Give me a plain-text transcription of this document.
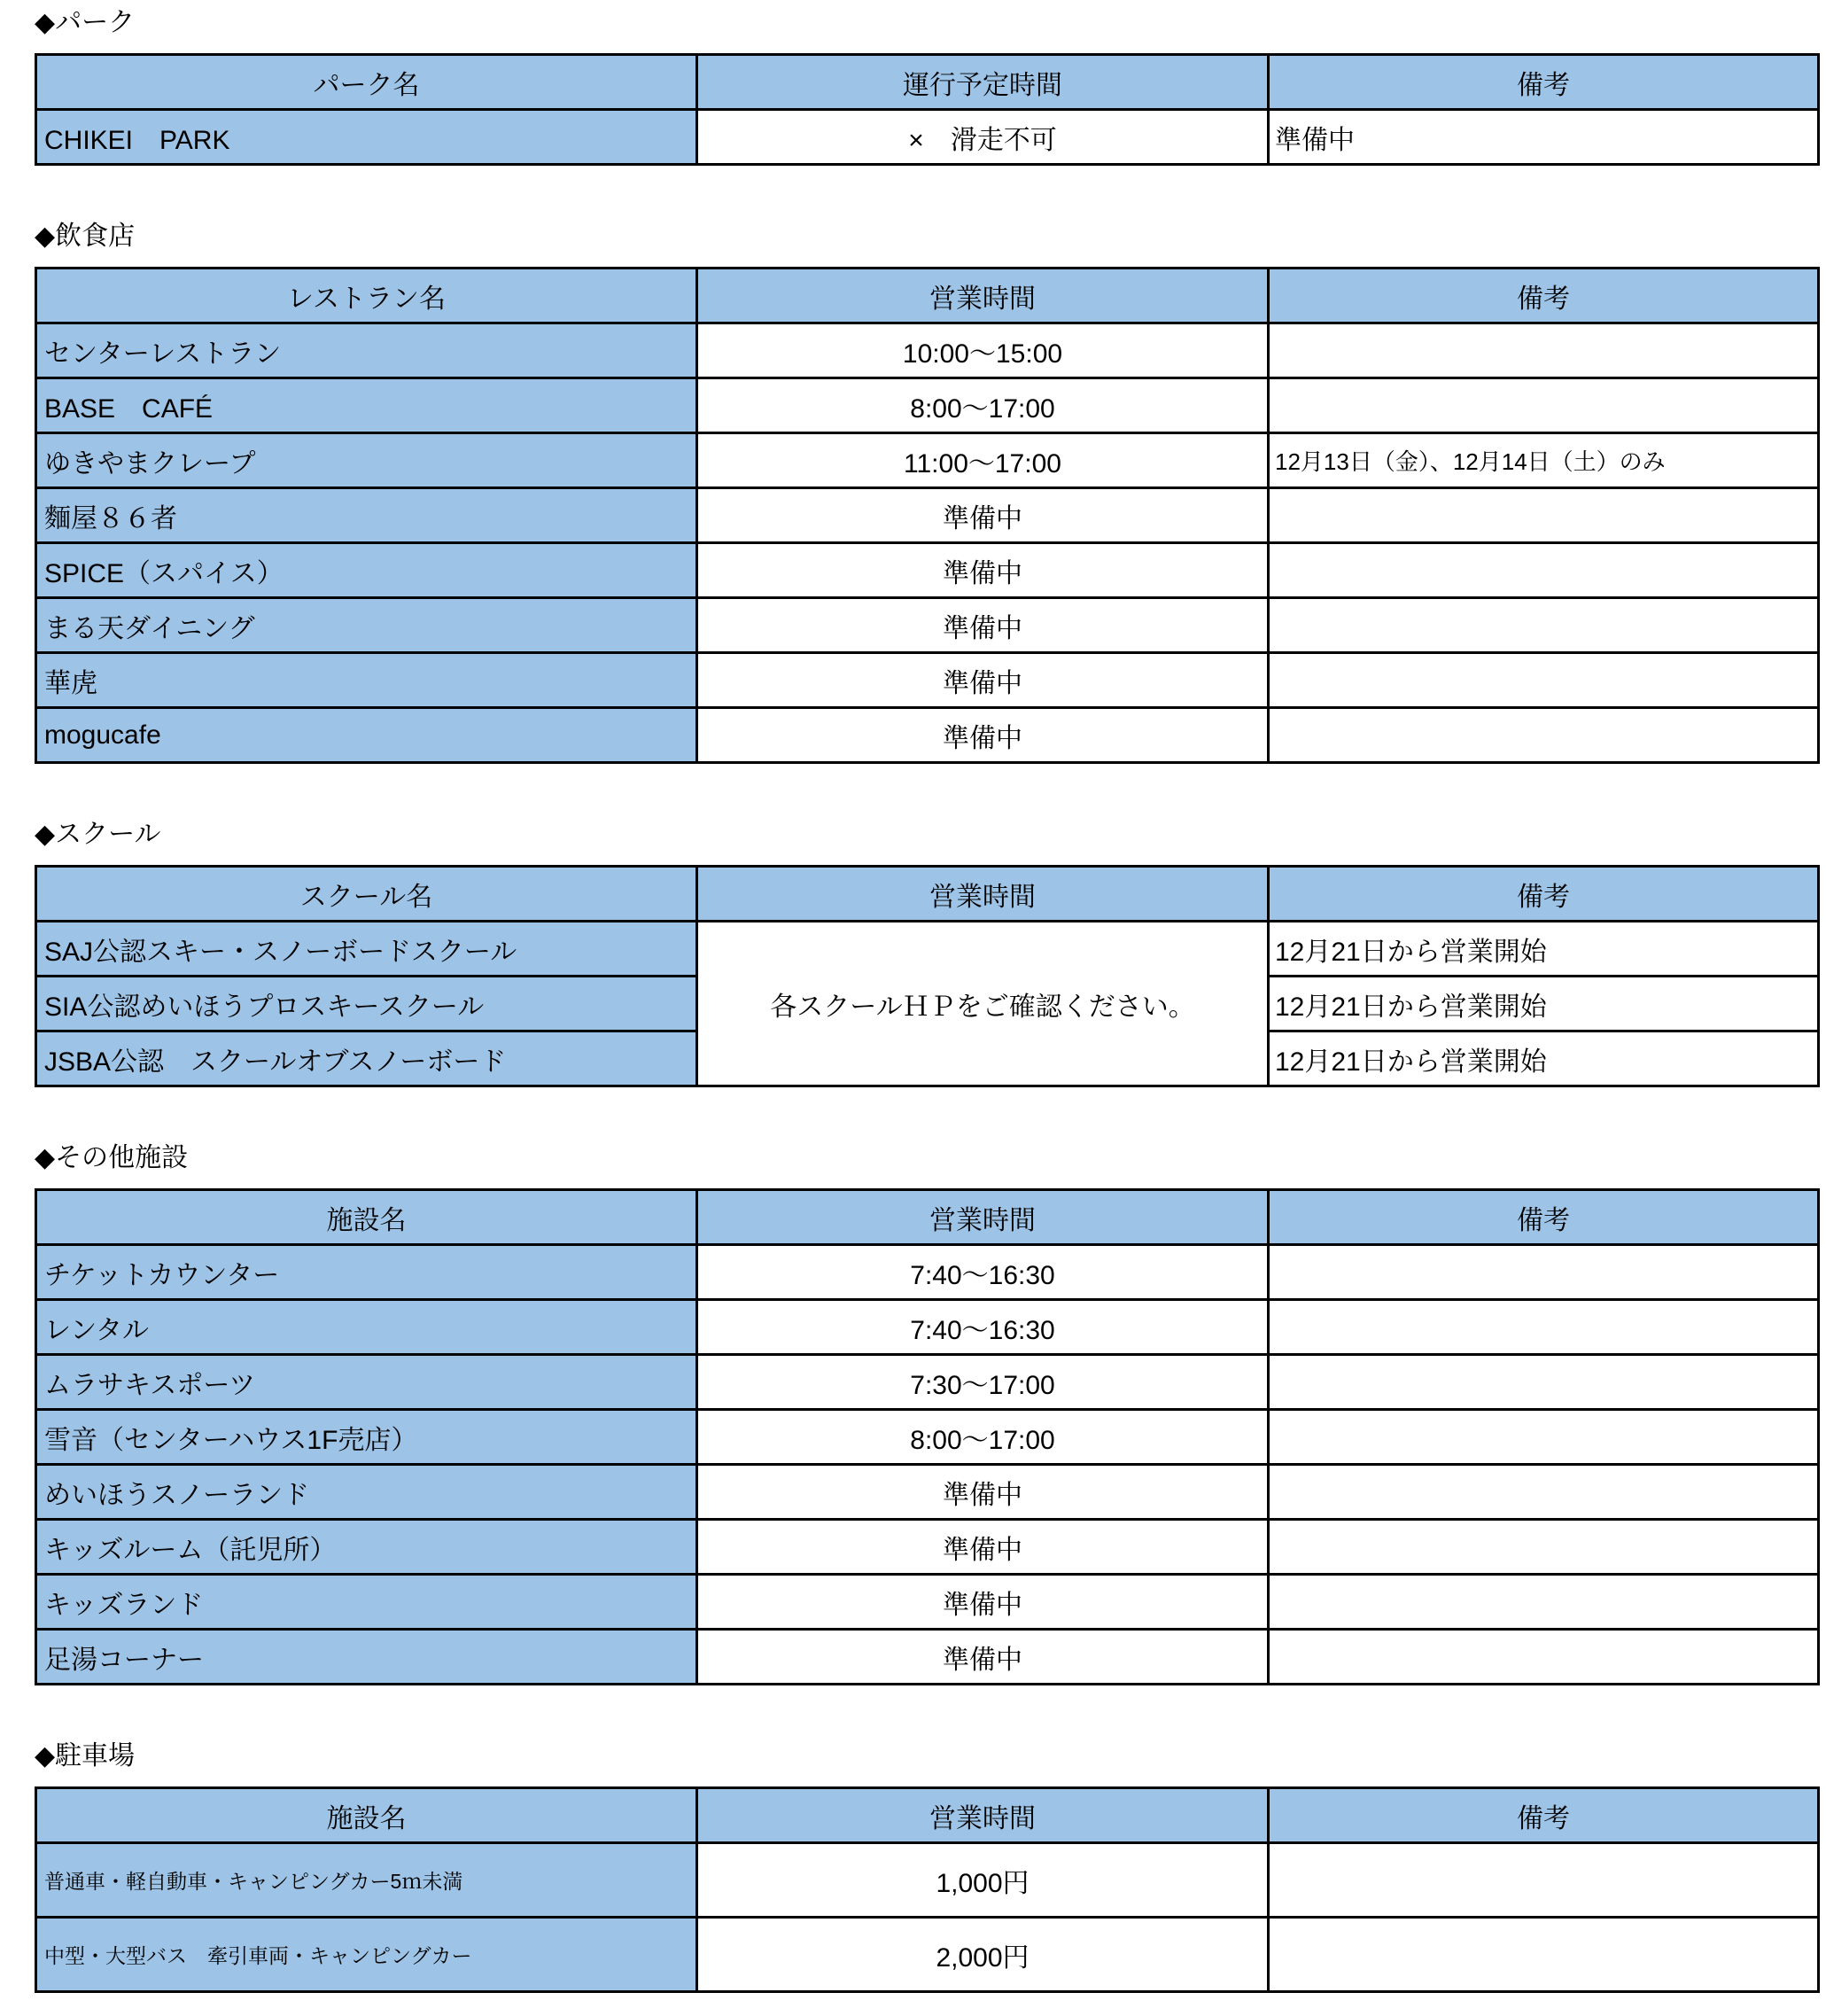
◆パーク
パーク名	運行予定時間	備考
CHIKEI　PARK	×　滑走不可	準備中
◆飲食店
レストラン名	営業時間	備考
センターレストラン	10:00～15:00	
BASE　CAFÉ	8:00～17:00	
ゆきやまクレープ	11:00～17:00	12月13日（金）、12月14日（土）のみ
麵屋８６者	準備中	
SPICE（スパイス）	準備中	
まる天ダイニング	準備中	
華虎	準備中	
mogucafe	準備中	
◆スクール
スクール名	営業時間	備考
SAJ公認スキー・スノーボードスクール	各スクールＨＰをご確認ください。	12月21日から営業開始
SIA公認めいほうプロスキースクール		12月21日から営業開始
JSBA公認　スクールオブスノーボード		12月21日から営業開始
◆その他施設
施設名	営業時間	備考
チケットカウンター	7:40～16:30	
レンタル	7:40～16:30	
ムラサキスポーツ	7:30～17:00	
雪音（センターハウス1F売店）	8:00～17:00	
めいほうスノーランド	準備中	
キッズルーム（託児所）	準備中	
キッズランド	準備中	
足湯コーナー	準備中	
◆駐車場
施設名	営業時間	備考
普通車・軽自動車・キャンピングカー5ｍ未満	1,000円	
中型・大型バス　牽引車両・キャンピングカー	2,000円	
